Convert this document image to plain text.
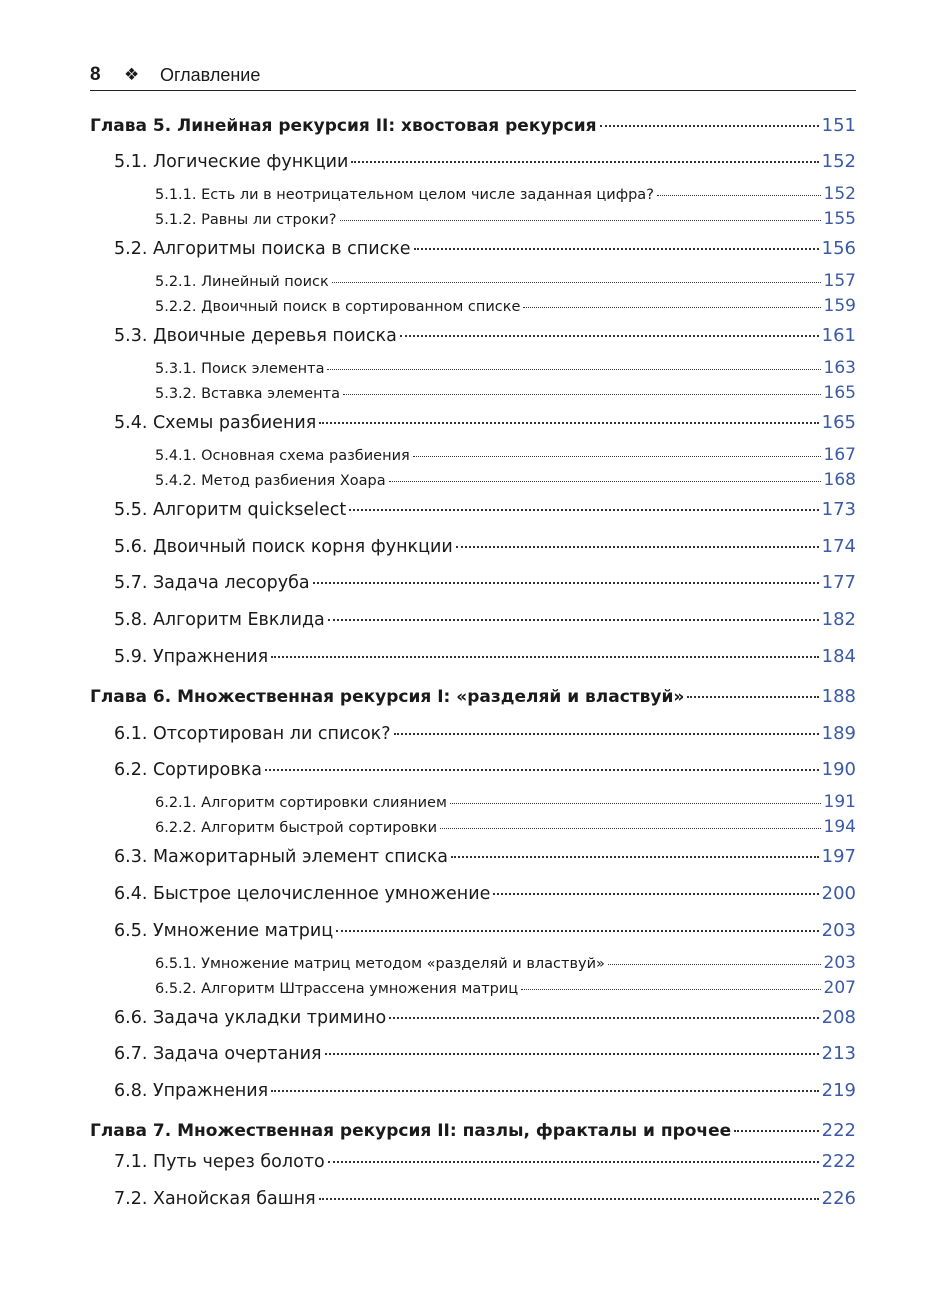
8 ❖ Оглавление
Глава 5. Линейная рекурсия II: хвостовая рекурсия	151
5.1. Логические функции	152
5.1.1. Есть ли в неотрицательном целом числе заданная цифра?	152
5.1.2. Равны ли строки?	155
5.2. Алгоритмы поиска в списке	156
5.2.1. Линейный поиск	157
5.2.2. Двоичный поиск в сортированном списке	159
5.3. Двоичные деревья поиска	161
5.3.1. Поиск элемента	163
5.3.2. Вставка элемента	165
5.4. Схемы разбиения	165
5.4.1. Основная схема разбиения	167
5.4.2. Метод разбиения Хоара	168
5.5. Алгоритм quickselect	173
5.6. Двоичный поиск корня функции	174
5.7. Задача лесоруба	177
5.8. Алгоритм Евклида	182
5.9. Упражнения	184
Глава 6. Множественная рекурсия I: «разделяй и властвуй»	188
6.1. Отсортирован ли список?	189
6.2. Сортировка	190
6.2.1. Алгоритм сортировки слиянием	191
6.2.2. Алгоритм быстрой сортировки	194
6.3. Мажоритарный элемент списка	197
6.4. Быстрое целочисленное умножение	200
6.5. Умножение матриц	203
6.5.1. Умножение матриц методом «разделяй и властвуй»	203
6.5.2. Алгоритм Штрассена умножения матриц	207
6.6. Задача укладки тримино	208
6.7. Задача очертания	213
6.8. Упражнения	219
Глава 7. Множественная рекурсия II: пазлы, фракталы и прочее	222
7.1. Путь через болото	222
7.2. Ханойская башня	226
